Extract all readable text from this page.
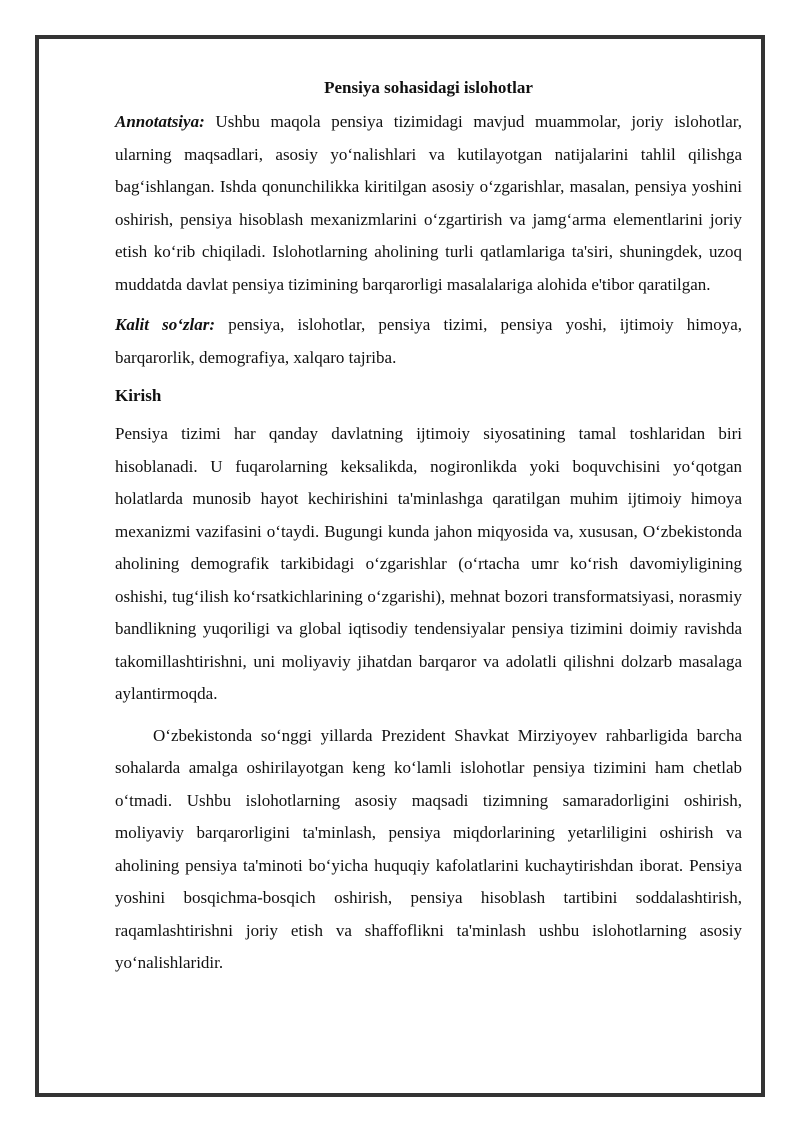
Pensiya sohasidagi islohotlar

Annotatsiya: Ushbu maqola pensiya tizimidagi mavjud muammolar, joriy islohotlar, ularning maqsadlari, asosiy yo‘nalishlari va kutilayotgan natijalarini tahlil qilishga bag‘ishlangan. Ishda qonunchilikka kiritilgan asosiy o‘zgarishlar, masalan, pensiya yoshini oshirish, pensiya hisoblash mexanizmlarini o‘zgartirish va jamg‘arma elementlarini joriy etish ko‘rib chiqiladi. Islohotlarning aholining turli qatlamlariga ta'siri, shuningdek, uzoq muddatda davlat pensiya tizimining barqarorligi masalalariga alohida e'tibor qaratilgan.

Kalit so‘zlar: pensiya, islohotlar, pensiya tizimi, pensiya yoshi, ijtimoiy himoya, barqarorlik, demografiya, xalqaro tajriba.

Kirish

Pensiya tizimi har qanday davlatning ijtimoiy siyosatining tamal toshlaridan biri hisoblanadi. U fuqarolarning keksalikda, nogironlikda yoki boquvchisini yo‘qotgan holatlarda munosib hayot kechirishini ta'minlashga qaratilgan muhim ijtimoiy himoya mexanizmi vazifasini o‘taydi. Bugungi kunda jahon miqyosida va, xususan, O‘zbekistonda aholining demografik tarkibidagi o‘zgarishlar (o‘rtacha umr ko‘rish davomiyligining oshishi, tug‘ilish ko‘rsatkichlarining o‘zgarishi), mehnat bozori transformatsiyasi, norasmiy bandlikning yuqoriligi va global iqtisodiy tendensiyalar pensiya tizimini doimiy ravishda takomillashtirishni, uni moliyaviy jihatdan barqaror va adolatli qilishni dolzarb masalaga aylantirmoqda.

O‘zbekistonda so‘nggi yillarda Prezident Shavkat Mirziyoyev rahbarligida barcha sohalarda amalga oshirilayotgan keng ko‘lamli islohotlar pensiya tizimini ham chetlab o‘tmadi. Ushbu islohotlarning asosiy maqsadi tizimning samaradorligini oshirish, moliyaviy barqarorligini ta'minlash, pensiya miqdorlarining yetarliligini oshirish va aholining pensiya ta'minoti bo‘yicha huquqiy kafolatlarini kuchaytirishdan iborat. Pensiya yoshini bosqichma-bosqich oshirish, pensiya hisoblash tartibini soddalashtirish, raqamlashtirishni joriy etish va shaffoflikni ta'minlash ushbu islohotlarning asosiy yo‘nalishlaridir.
